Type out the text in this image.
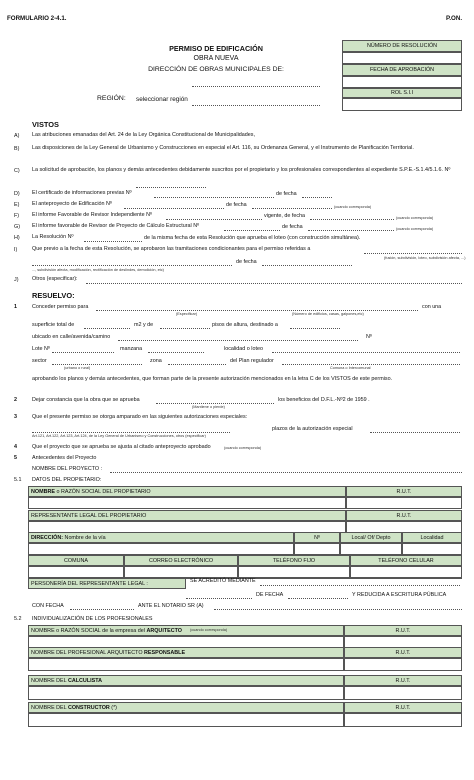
FORMULARIO 2-4.1.	P.ON.
PERMISO DE EDIFICACIÓN
OBRA NUEVA
DIRECCIÓN DE OBRAS MUNICIPALES DE:
REGIÓN: seleccionar región
NÚMERO DE RESOLUCIÓN
FECHA DE APROBACIÓN
ROL S.I.I
VISTOS
A) Las atribuciones emanadas del Art. 24 de la Ley Orgánica Constitucional de Municipalidades,
B) Las disposiciones de la Ley General de Urbanismo y Construcciones en especial el Art. 116, su Ordenanza General, y el Instrumento de Planificación Territorial.
C) La solicitud de aprobación, los planos y demás antecedentes debidamente suscritos por el propietario y los profesionales correspondientes al expediente S.P.E.-S.1.4/5.1.6. Nº
D) El certificado de informaciones previas Nº	de fecha
E) El anteproyecto de Edificación Nº	de fecha	(cuando corresponda)
F) El informe Favorable de Revisor Independiente Nº	vigente, de fecha	(cuando corresponda)
G) El informe favorable de Revisor de Proyecto de Cálculo Estructural Nº	de fecha	(cuando corresponda)
H) La Resolución Nº	de la misma fecha de esta Resolución que aprueba el loteo (con construcción simultánea).
I)	Que previo a la fecha de esta Resolución, se aprobaron las tramitaciones condicionantes para el permiso referidas a
(fusión, subdivisión, loteo, subdivisión afecta, ...)
de fecha
..., subdivisión afecta, modificación, rectificación de deslindes, demolición, etc)
J)	Otros (especificar):
RESUELVO:
1	Conceder permiso para	con una
(Especificar)	(Número de edificios, casas, galpones,etc)
superficie total de	m2 y de	pisos de altura, destinado a
ubicado en calle/avenida/camino	Nº
Lote Nº	manzana	localidad o loteo
sector	zona	del Plan regulador
(urbano o rural)	Comuna o Intercomunal
aprobando los planos y demás antecedentes, que forman parte de la presente autorización mencionados en la letra C de los VISTOS de este permiso.
2	Dejar constancia que la obra que se aprueba	los beneficios del D.F.L.-Nº2 de 1959 .
(Mantiene o pierde)
3	Que el presente permiso se otorga amparado en las siguientes autorizaciones especiales:
plazos de la autorización especial
Art.121, Art.122, Art.123, Art.124, de la Ley General de Urbanismo y Construcciones, otros (especificar)
4	Que el proyecto que se aprueba se ajusta al citado anteproyecto aprobado	(cuando corresponda)
5	Antecedentes del Proyecto
NOMBRE DEL PROYECTO :
5.1 DATOS DEL PROPIETARIO:
NOMBRE o RAZÓN SOCIAL DEL PROPIETARIO	R.U.T.
REPRESENTANTE LEGAL DEL PROPIETARIO	R.U.T.
DIRECCIÓN: Nombre de la vía	Nº	Local/ Of/ Depto	Localidad
COMUNA	CORREO ELECTRÓNICO	TELÉFONO FIJO	TELÉFONO CELULAR
PERSONERÍA DEL REPRESENTANTE LEGAL :	SE ACREDITÓ MEDIANTE
DE FECHA	Y REDUCIDA A ESCRITURA PÚBLICA
CON FECHA	ANTE EL NOTARIO SR (A)
5.2 INDIVIDUALIZACIÓN DE LOS PROFESIONALES
NOMBRE o RAZÓN SOCIAL de la empresa del ARQUITECTO (cuando corresponda)	R.U.T.
NOMBRE DEL PROFESIONAL ARQUITECTO RESPONSABLE	R.U.T.
NOMBRE DEL CALCULISTA	R.U.T.
NOMBRE DEL CONSTRUCTOR (*)	R.U.T.
